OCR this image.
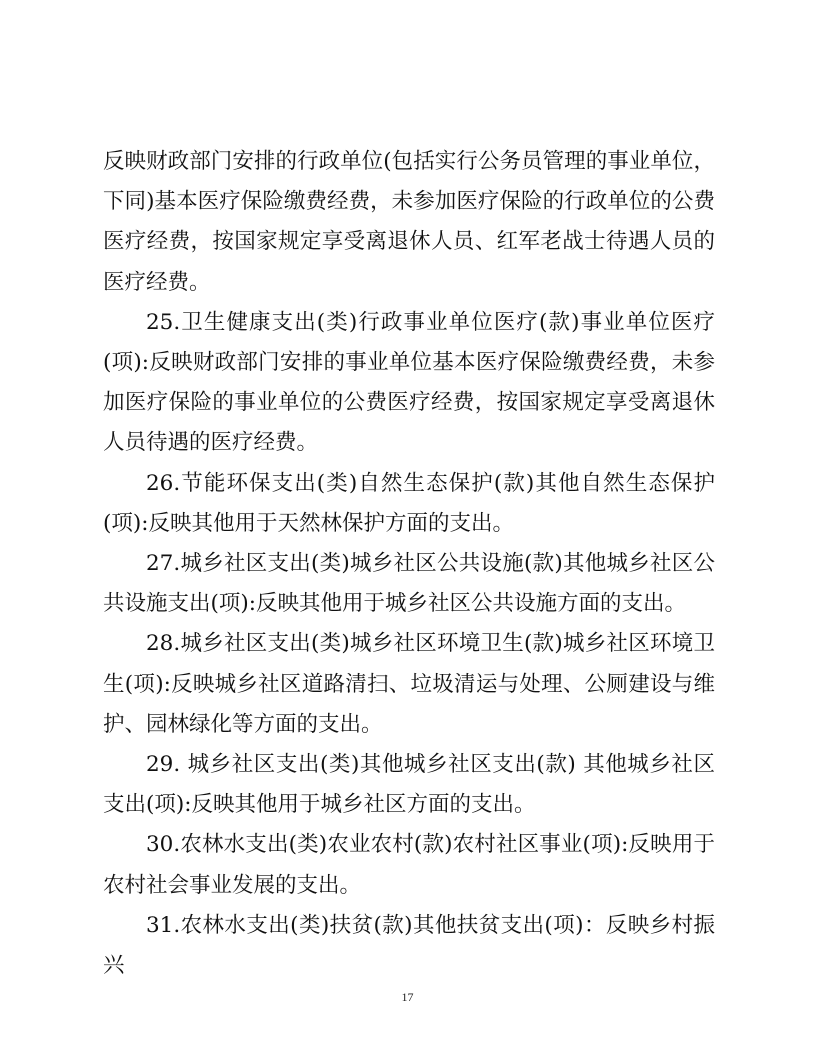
反映财政部门安排的行政单位(包括实行公务员管理的事业单位，下同)基本医疗保险缴费经费，未参加医疗保险的行政单位的公费医疗经费，按国家规定享受离退休人员、红军老战士待遇人员的医疗经费。

25.卫生健康支出(类)行政事业单位医疗(款)事业单位医疗(项):反映财政部门安排的事业单位基本医疗保险缴费经费，未参加医疗保险的事业单位的公费医疗经费，按国家规定享受离退休人员待遇的医疗经费。

26.节能环保支出(类)自然生态保护(款)其他自然生态保护(项):反映其他用于天然林保护方面的支出。

27.城乡社区支出(类)城乡社区公共设施(款)其他城乡社区公共设施支出(项):反映其他用于城乡社区公共设施方面的支出。

28.城乡社区支出(类)城乡社区环境卫生(款)城乡社区环境卫生(项):反映城乡社区道路清扫、垃圾清运与处理、公厕建设与维护、园林绿化等方面的支出。

29. 城乡社区支出(类)其他城乡社区支出(款) 其他城乡社区支出(项):反映其他用于城乡社区方面的支出。

30.农林水支出(类)农业农村(款)农村社区事业(项):反映用于农村社会事业发展的支出。

31.农林水支出(类)扶贫(款)其他扶贫支出(项)：反映乡村振兴

17
